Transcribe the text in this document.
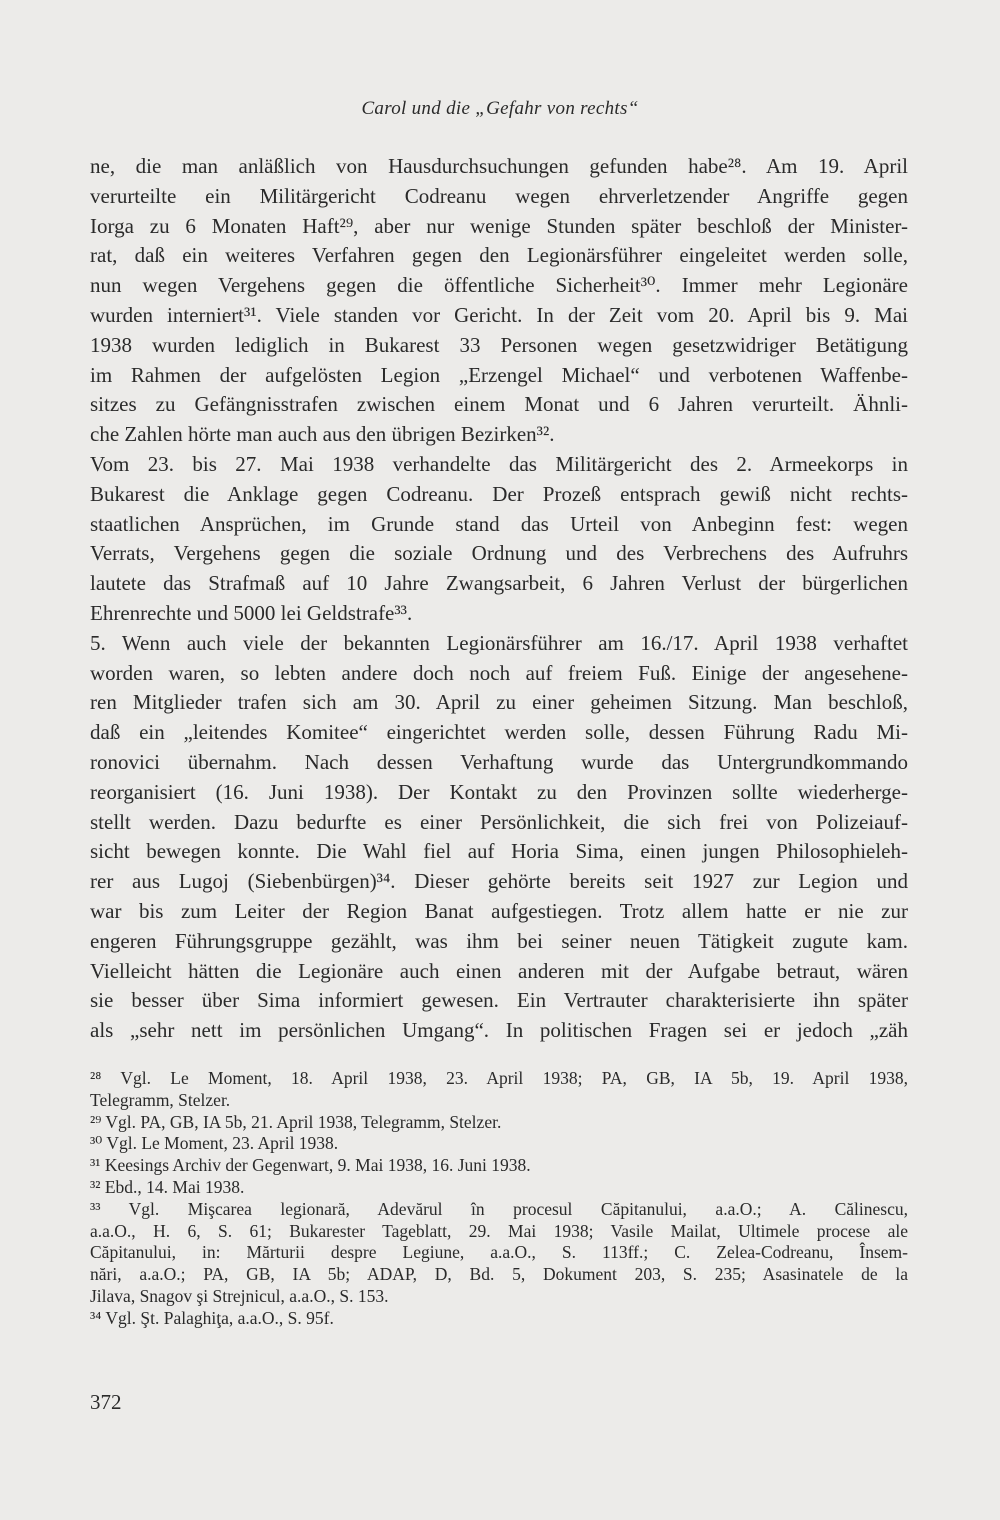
Carol und die „Gefahr von rechts“
ne, die man anläßlich von Hausdurchsuchungen gefunden habe²⁸. Am 19. April
verurteilte ein Militärgericht Codreanu wegen ehrverletzender Angriffe gegen
Iorga zu 6 Monaten Haft²⁹, aber nur wenige Stunden später beschloß der Minister-
rat, daß ein weiteres Verfahren gegen den Legionärsführer eingeleitet werden solle,
nun wegen Vergehens gegen die öffentliche Sicherheit³⁰. Immer mehr Legionäre
wurden interniert³¹. Viele standen vor Gericht. In der Zeit vom 20. April bis 9. Mai
1938 wurden lediglich in Bukarest 33 Personen wegen gesetzwidriger Betätigung
im Rahmen der aufgelösten Legion „Erzengel Michael“ und verbotenen Waffenbe-
sitzes zu Gefängnisstrafen zwischen einem Monat und 6 Jahren verurteilt. Ähnli-
che Zahlen hörte man auch aus den übrigen Bezirken³².
Vom 23. bis 27. Mai 1938 verhandelte das Militärgericht des 2. Armeekorps in
Bukarest die Anklage gegen Codreanu. Der Prozeß entsprach gewiß nicht rechts-
staatlichen Ansprüchen, im Grunde stand das Urteil von Anbeginn fest: wegen
Verrats, Vergehens gegen die soziale Ordnung und des Verbrechens des Aufruhrs
lautete das Strafmaß auf 10 Jahre Zwangsarbeit, 6 Jahren Verlust der bürgerlichen
Ehrenrechte und 5000 lei Geldstrafe³³.
5. Wenn auch viele der bekannten Legionärsführer am 16./17. April 1938 verhaftet
worden waren, so lebten andere doch noch auf freiem Fuß. Einige der angesehene-
ren Mitglieder trafen sich am 30. April zu einer geheimen Sitzung. Man beschloß,
daß ein „leitendes Komitee“ eingerichtet werden solle, dessen Führung Radu Mi-
ronovici übernahm. Nach dessen Verhaftung wurde das Untergrundkommando
reorganisiert (16. Juni 1938). Der Kontakt zu den Provinzen sollte wiederherge-
stellt werden. Dazu bedurfte es einer Persönlichkeit, die sich frei von Polizeiauf-
sicht bewegen konnte. Die Wahl fiel auf Horia Sima, einen jungen Philosophielеh-
rer aus Lugoj (Siebenbürgen)³⁴. Dieser gehörte bereits seit 1927 zur Legion und
war bis zum Leiter der Region Banat aufgestiegen. Trotz allem hatte er nie zur
engeren Führungsgruppe gezählt, was ihm bei seiner neuen Tätigkeit zugute kam.
Vielleicht hätten die Legionäre auch einen anderen mit der Aufgabe betraut, wären
sie besser über Sima informiert gewesen. Ein Vertrauter charakterisierte ihn später
als „sehr nett im persönlichen Umgang“. In politischen Fragen sei er jedoch „zäh
²⁸ Vgl. Le Moment, 18. April 1938, 23. April 1938; PA, GB, IA 5b, 19. April 1938,
Telegramm, Stelzer.
²⁹ Vgl. PA, GB, IA 5b, 21. April 1938, Telegramm, Stelzer.
³⁰ Vgl. Le Moment, 23. April 1938.
³¹ Keesings Archiv der Gegenwart, 9. Mai 1938, 16. Juni 1938.
³² Ebd., 14. Mai 1938.
³³ Vgl. Mişcarea legionară, Adevărul în procesul Căpitanului, a.a.O.; A. Călinescu,
a.a.O., H. 6, S. 61; Bukarester Tageblatt, 29. Mai 1938; Vasile Mailat, Ultimele procese ale
Căpitanului, in: Mărturii despre Legiune, a.a.O., S. 113ff.; C. Zelea-Codreanu, Însem-
nări, a.a.O.; PA, GB, IA 5b; ADAP, D, Bd. 5, Dokument 203, S. 235; Asasinatele de la
Jilava, Snagov şi Strejnicul, a.a.O., S. 153.
³⁴ Vgl. Şt. Palaghiţa, a.a.O., S. 95f.
372
